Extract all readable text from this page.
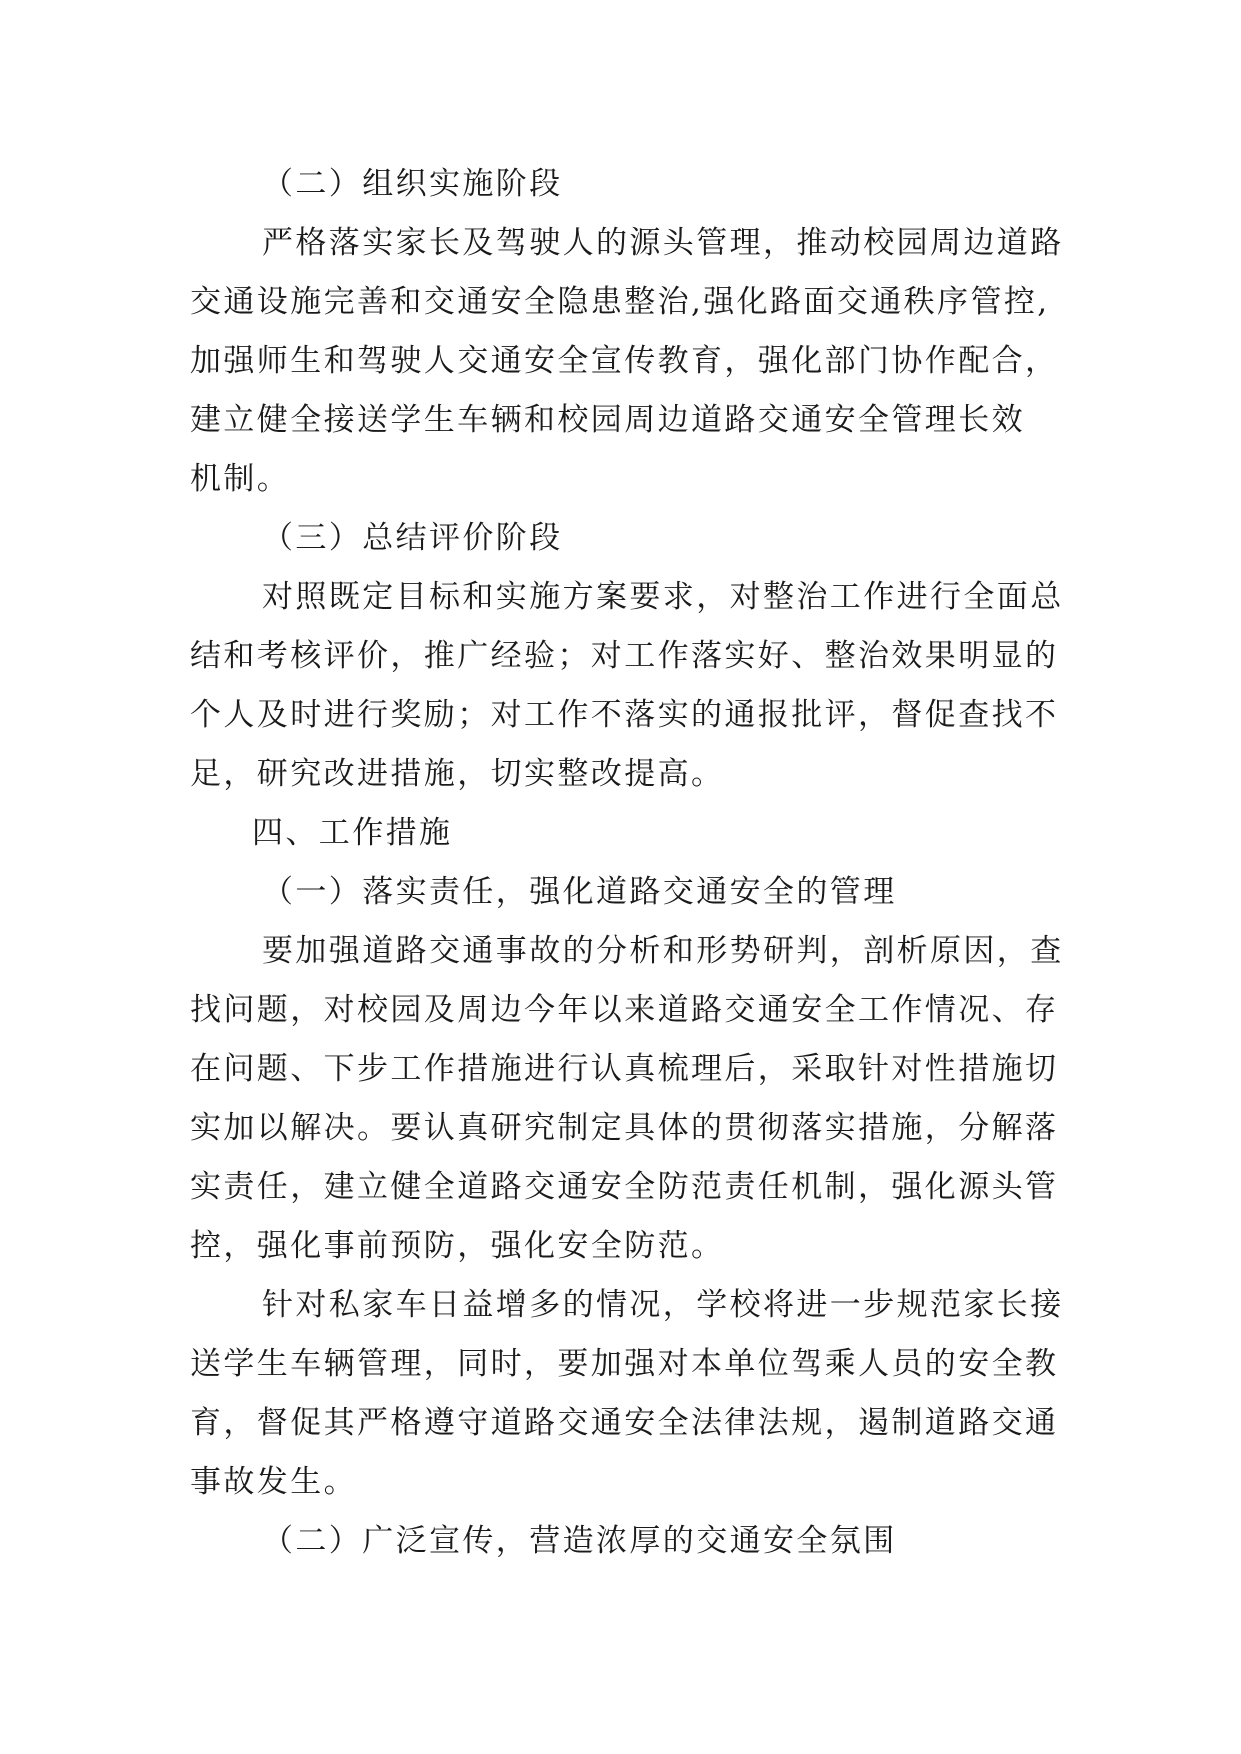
（二）组织实施阶段
严格落实家长及驾驶人的源头管理，推动校园周边道路
交通设施完善和交通安全隐患整治,强化路面交通秩序管控,
加强师生和驾驶人交通安全宣传教育，强化部门协作配合，
建立健全接送学生车辆和校园周边道路交通安全管理长效
机制。
（三）总结评价阶段
对照既定目标和实施方案要求，对整治工作进行全面总
结和考核评价，推广经验；对工作落实好、整治效果明显的
个人及时进行奖励；对工作不落实的通报批评，督促查找不
足，研究改进措施，切实整改提高。
四、工作措施
（一）落实责任，强化道路交通安全的管理
要加强道路交通事故的分析和形势研判，剖析原因，查
找问题，对校园及周边今年以来道路交通安全工作情况、存
在问题、下步工作措施进行认真梳理后，采取针对性措施切
实加以解决。要认真研究制定具体的贯彻落实措施，分解落
实责任，建立健全道路交通安全防范责任机制，强化源头管
控，强化事前预防，强化安全防范。
针对私家车日益增多的情况，学校将进一步规范家长接
送学生车辆管理，同时，要加强对本单位驾乘人员的安全教
育，督促其严格遵守道路交通安全法律法规，遏制道路交通
事故发生。
（二）广泛宣传，营造浓厚的交通安全氛围
